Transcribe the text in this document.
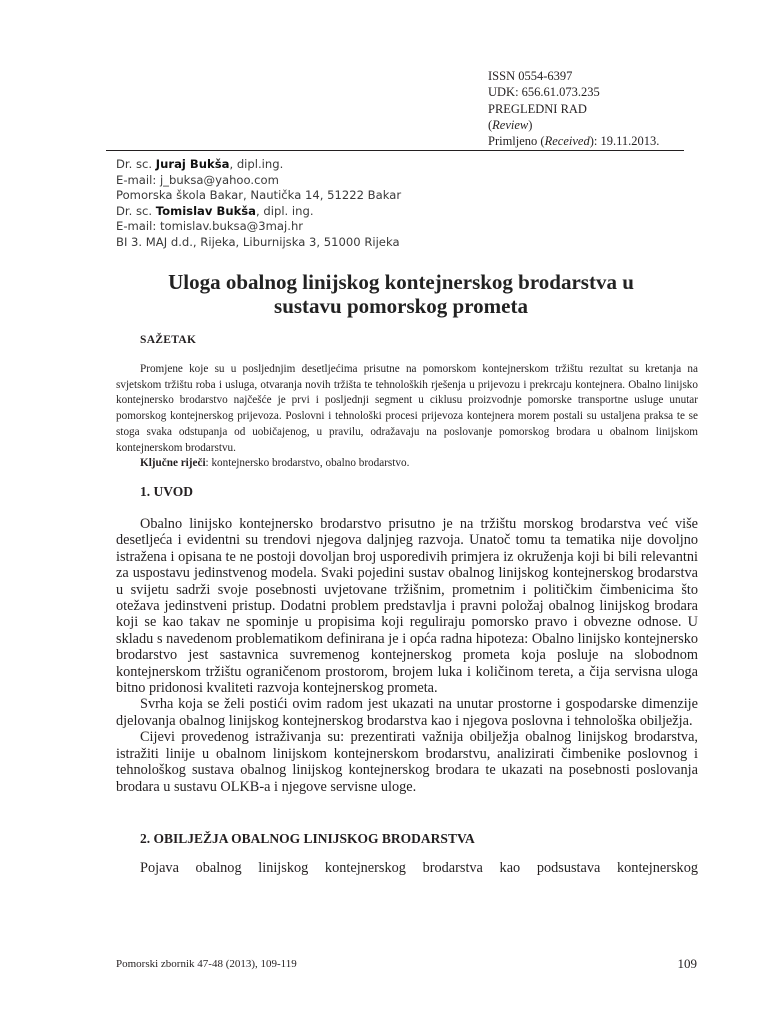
ISSN 0554-6397
UDK: 656.61.073.235
PREGLEDNI RAD
(Review)
Primljeno (Received): 19.11.2013.
Dr. sc. Juraj Bukša, dipl.ing.
E-mail: j_buksa@yahoo.com
Pomorska škola Bakar, Nautička 14, 51222 Bakar
Dr. sc. Tomislav Bukša, dipl. ing.
E-mail: tomislav.buksa@3maj.hr
BI 3. MAJ d.d., Rijeka, Liburnijska 3, 51000 Rijeka
Uloga obalnog linijskog kontejnerskog brodarstva u
sustavu pomorskog prometa
SAŽETAK

Promjene koje su u posljednjim desetljećima prisutne na pomorskom kontejnerskom tržištu rezultat su kretanja na svjetskom tržištu roba i usluga, otvaranja novih tržišta te tehnoloških rješenja u prijevozu i prekrcaju kontejnera. Obalno linijsko kontejnersko brodarstvo najčešće je prvi i posljednji segment u ciklusu proizvodnje pomorske transportne usluge unutar pomorskog kontejnerskog prijevoza. Poslovni i tehnološki procesi prijevoza kontejnera morem postali su ustaljena praksa te se stoga svaka odstupanja od uobičajenog, u pravilu, odražavaju na poslovanje pomorskog brodara u obalnom linijskom kontejnerskom brodarstvu.

Ključne riječi: kontejnersko brodarstvo, obalno brodarstvo.

1. UVOD

Obalno linijsko kontejnersko brodarstvo prisutno je na tržištu morskog brodarstva već više desetljeća i evidentni su trendovi njegova daljnjeg razvoja. Unatoč tomu ta tematika nije dovoljno istražena i opisana te ne postoji dovoljan broj usporedivih primjera iz okruženja koji bi bili relevantni za uspostavu jedinstvenog modela. Svaki pojedini sustav obalnog linijskog kontejnerskog brodarstva u svijetu sadrži svoje posebnosti uvjetovane tržišnim, prometnim i političkim čimbenicima što otežava jedinstveni pristup. Dodatni problem predstavlja i pravni položaj obalnog linijskog brodara koji se kao takav ne spominje u propisima koji reguliraju pomorsko pravo i obvezne odnose. U skladu s navedenom problematikom definirana je i opća radna hipoteza: Obalno linijsko kontejnersko brodarstvo jest sastavnica suvremenog kontejnerskog prometa koja posluje na slobodnom kontejnerskom tržištu ograničenom prostorom, brojem luka i količinom tereta, a čija servisna uloga bitno pridonosi kvaliteti razvoja kontejnerskog prometa.

Svrha koja se želi postići ovim radom jest ukazati na unutar prostorne i gospodarske dimenzije djelovanja obalnog linijskog kontejnerskog brodarstva kao i njegova poslovna i tehnološka obilježja.

Cijevi provedenog istraživanja su: prezentirati važnija obilježja obalnog linijskog brodarstva, istražiti linije u obalnom linijskom kontejnerskom brodarstvu, analizirati čimbenike poslovnog i tehnološkog sustava obalnog linijskog kontejnerskog brodara te ukazati na posebnosti poslovanja brodara u sustavu OLKB-a i njegove servisne uloge.

2. OBILJEŽJA OBALNOG LINIJSKOG BRODARSTVA

Pojava obalnog linijskog kontejnerskog brodarstva kao podsustava kontejnerskog

Pomorski zbornik 47-48 (2013), 109-119	109
